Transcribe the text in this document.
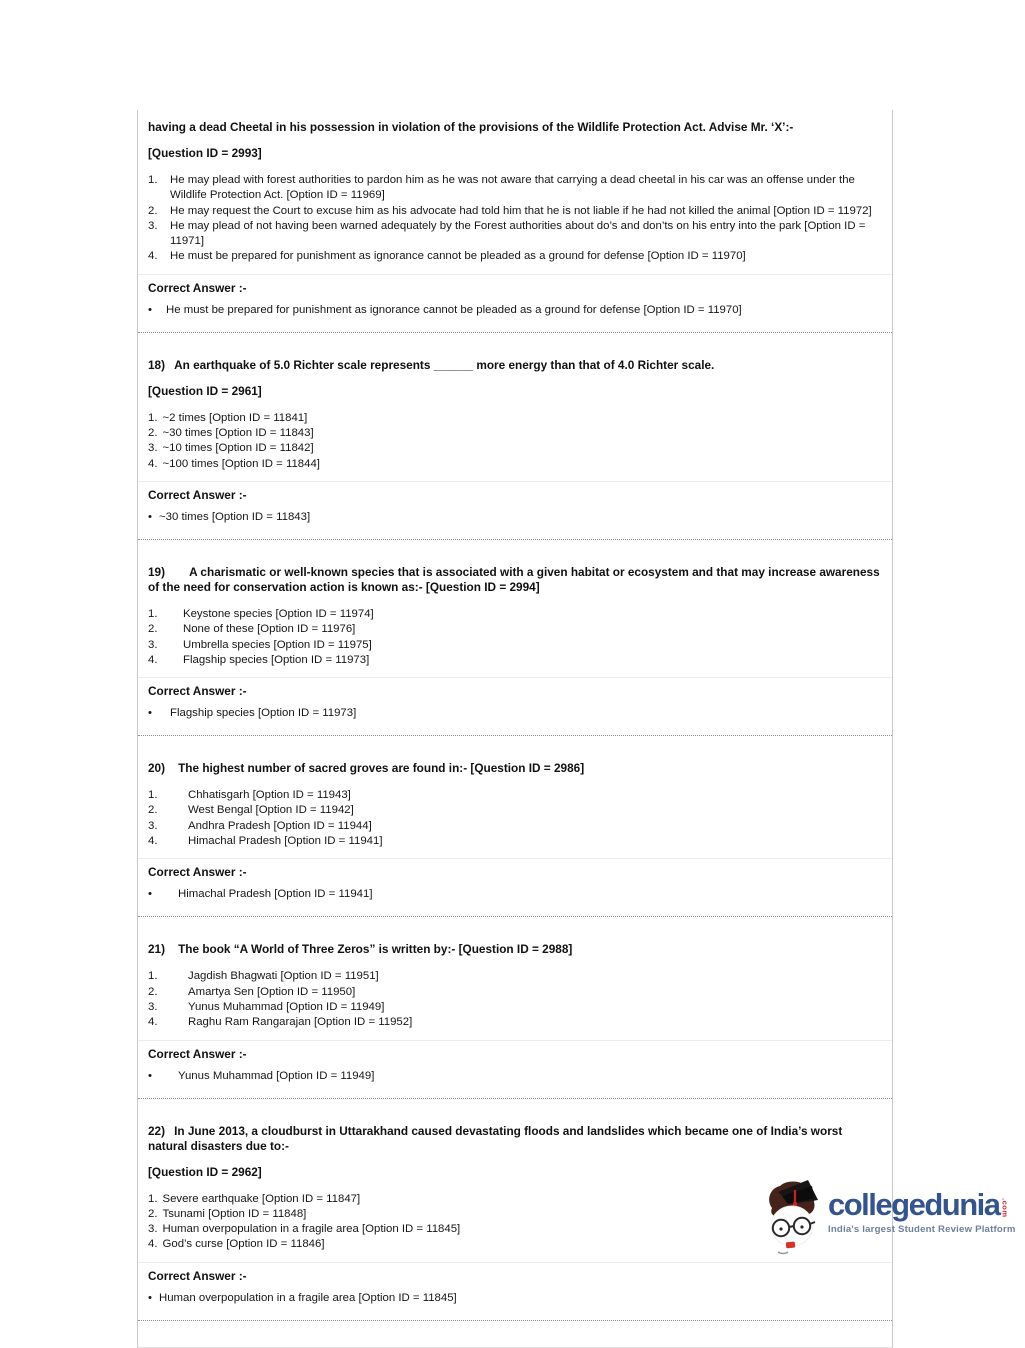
having a dead Cheetal in his possession in violation of the provisions of the Wildlife Protection Act. Advise Mr. ‘X’:-

[Question ID = 2993]

1.	He may plead with forest authorities to pardon him as he was not aware that carrying a dead cheetal in his car was an offense under the Wildlife Protection Act. [Option ID = 11969]
2.	He may request the Court to excuse him as his advocate had told him that he is not liable if he had not killed the animal [Option ID = 11972]
3.	He may plead of not having been warned adequately by the Forest authorities about do’s and don’ts on his entry into the park [Option ID = 11971]
4.	He must be prepared for punishment as ignorance cannot be pleaded as a ground for defense [Option ID = 11970]

Correct Answer :-

•
He must be prepared for punishment as ignorance cannot be pleaded as a ground for defense [Option ID = 11970]

18) An earthquake of 5.0 Richter scale represents ______ more energy than that of 4.0 Richter scale.

[Question ID = 2961]

1. ~2 times [Option ID = 11841]
2. ~30 times [Option ID = 11843]
3. ~10 times [Option ID = 11842]
4. ~100 times [Option ID = 11844]

Correct Answer :-

•
~30 times [Option ID = 11843]

19) A charismatic or well-known species that is associated with a given habitat or ecosystem and that may increase awareness of the need for conservation action is known as:- [Question ID = 2994]

1.	Keystone species [Option ID = 11974]
2.	None of these [Option ID = 11976]
3.	Umbrella species [Option ID = 11975]
4.	Flagship species [Option ID = 11973]

Correct Answer :-

•
Flagship species [Option ID = 11973]

20) The highest number of sacred groves are found in:- [Question ID = 2986]

1.	Chhatisgarh [Option ID = 11943]
2.	West Bengal [Option ID = 11942]
3.	Andhra Pradesh [Option ID = 11944]
4.	Himachal Pradesh [Option ID = 11941]

Correct Answer :-

•
Himachal Pradesh [Option ID = 11941]

21) The book “A World of Three Zeros” is written by:- [Question ID = 2988]

1.	Jagdish Bhagwati [Option ID = 11951]
2.	Amartya Sen [Option ID = 11950]
3.	Yunus Muhammad [Option ID = 11949]
4.	Raghu Ram Rangarajan [Option ID = 11952]

Correct Answer :-

•
Yunus Muhammad [Option ID = 11949]

22) In June 2013, a cloudburst in Uttarakhand caused devastating floods and landslides which became one of India’s worst natural disasters due to:-

[Question ID = 2962]

1. Severe earthquake [Option ID = 11847]
2. Tsunami [Option ID = 11848]
3. Human overpopulation in a fragile area [Option ID = 11845]
4. God’s curse [Option ID = 11846]

Correct Answer :-

•
Human overpopulation in a fragile area [Option ID = 11845]

collegedunia .com
India's largest Student Review Platform
